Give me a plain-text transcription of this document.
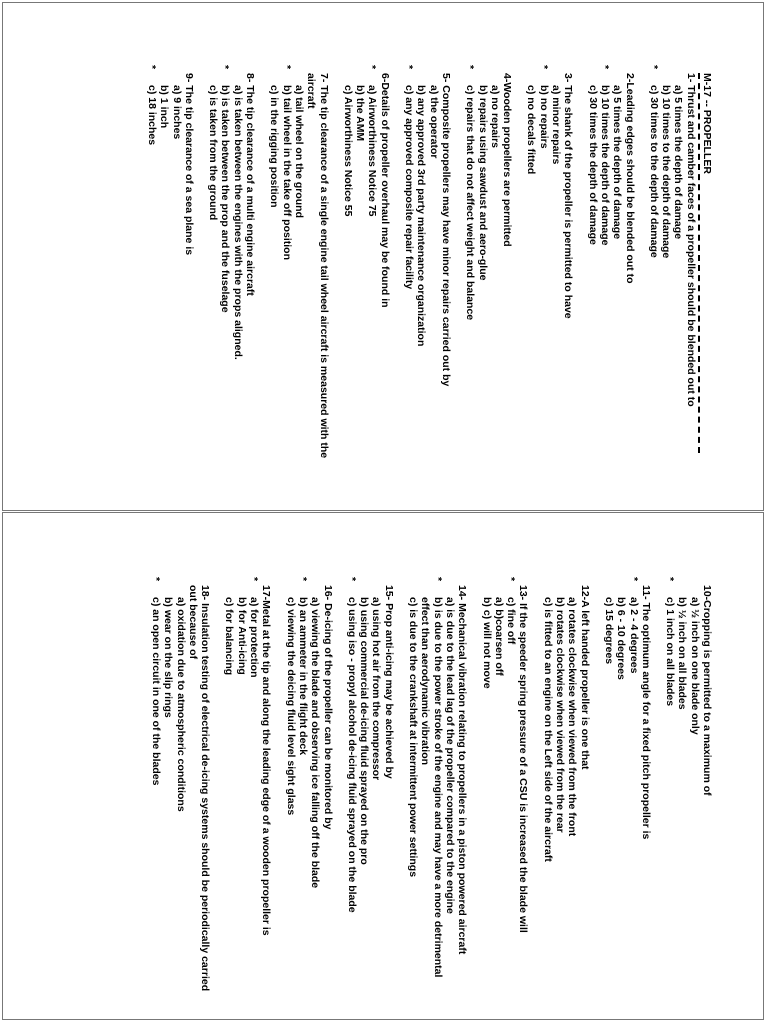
M-17 -- PROPELLER
1- Thrust and camber faces of a propeller should be blended out to
a) 5 times the depth of damage
b) 10 times to the depth of damage
* c) 30 times to the depth of damage
2-Leading edges should be blended out to
a) 5 times the depth of damage
* b) 10 times the depth of damage
c) 30 times the depth of damage
3- The shank of the propeller is permitted to have
a) minor repairs
* b) no repairs
c) no decals fitted
4-Wooden propellers are permitted
a) no repairs
b) repairs using sawdust and aero-glue
* c) repairs that do not affect weight and balance
5- Composite propellers may have minor repairs carried out by
a) the operator
b) any approved 3rd party maintenance organization
* c) any approved composite repair facility
6-Details of propeller overhaul may be found in
* a) Airworthiness Notice 75
b) the AMM
c) Airworthiness Notice 55
7- The tip clearance of a single engine tail wheel aircraft is measured with the aircraft
a) tail wheel on the ground
* b) tail wheel in the take off position
c) in the rigging position
8- The tip clearance of a multi engine aircraft
a) is taken between the engines with the props aligned.
* b) is taken between the prop and the fuselage
c) is taken from the ground
9- The tip clearance of a sea plane is
a) 9 inches
b) 1 inch
* c) 18 inches
10-Cropping is permitted to a maximum of
a) ½ inch on one blade only
b) ½ inch on all blades
* c) 1 inch on all blades
11- The optimum angle for a fixed pitch propeller is
* a) 2 - 4 degrees
b) 6 - 10 degrees
c) 15 degrees
12-A left handed propeller is one that
a) rotates clockwise when viewed from the front
b) rotates clockwise when viewed from the rear
c) is fitted to an engine on the Left side of the aircraft
13- If the speeder spring pressure of a CSU is increased the blade will
* c) fine off
a) b)coarsen off
b) c) will not move
14- Mechanical vibration relating to propellers in a piston powered aircraft
a) is due to the lead lag of the propeller compared to the engine
* b) is due to the power stroke of the engine and may have a more detrimental effect than aerodynamic vibration
c) is due to the crankshaft at intermittent power settings
15- Prop anti-icing may be achieved by
a) using hot air from the compressor
b) using commercial de-icing fluid sprayed on the pro
* c) using iso - propyl alcohol de-icing fluid sprayed on the blade
16- De-icing of the propeller can be monitored by
a) viewing the blade and observing ice falling off the blade
* b) an ammeter in the flight deck
c) viewing the deicing fluid level sight glass
17-Metal at the tip and along the leading edge of a wooden propeller is
* a) for protection
b) for Anti-icing
c) for balancing
18- Insulation testing of electrical de-icing systems should be periodically carried out because of
a) oxidation due to atmospheric conditions
b) wear on the slip rings
* c) an open circuit in one of the blades
